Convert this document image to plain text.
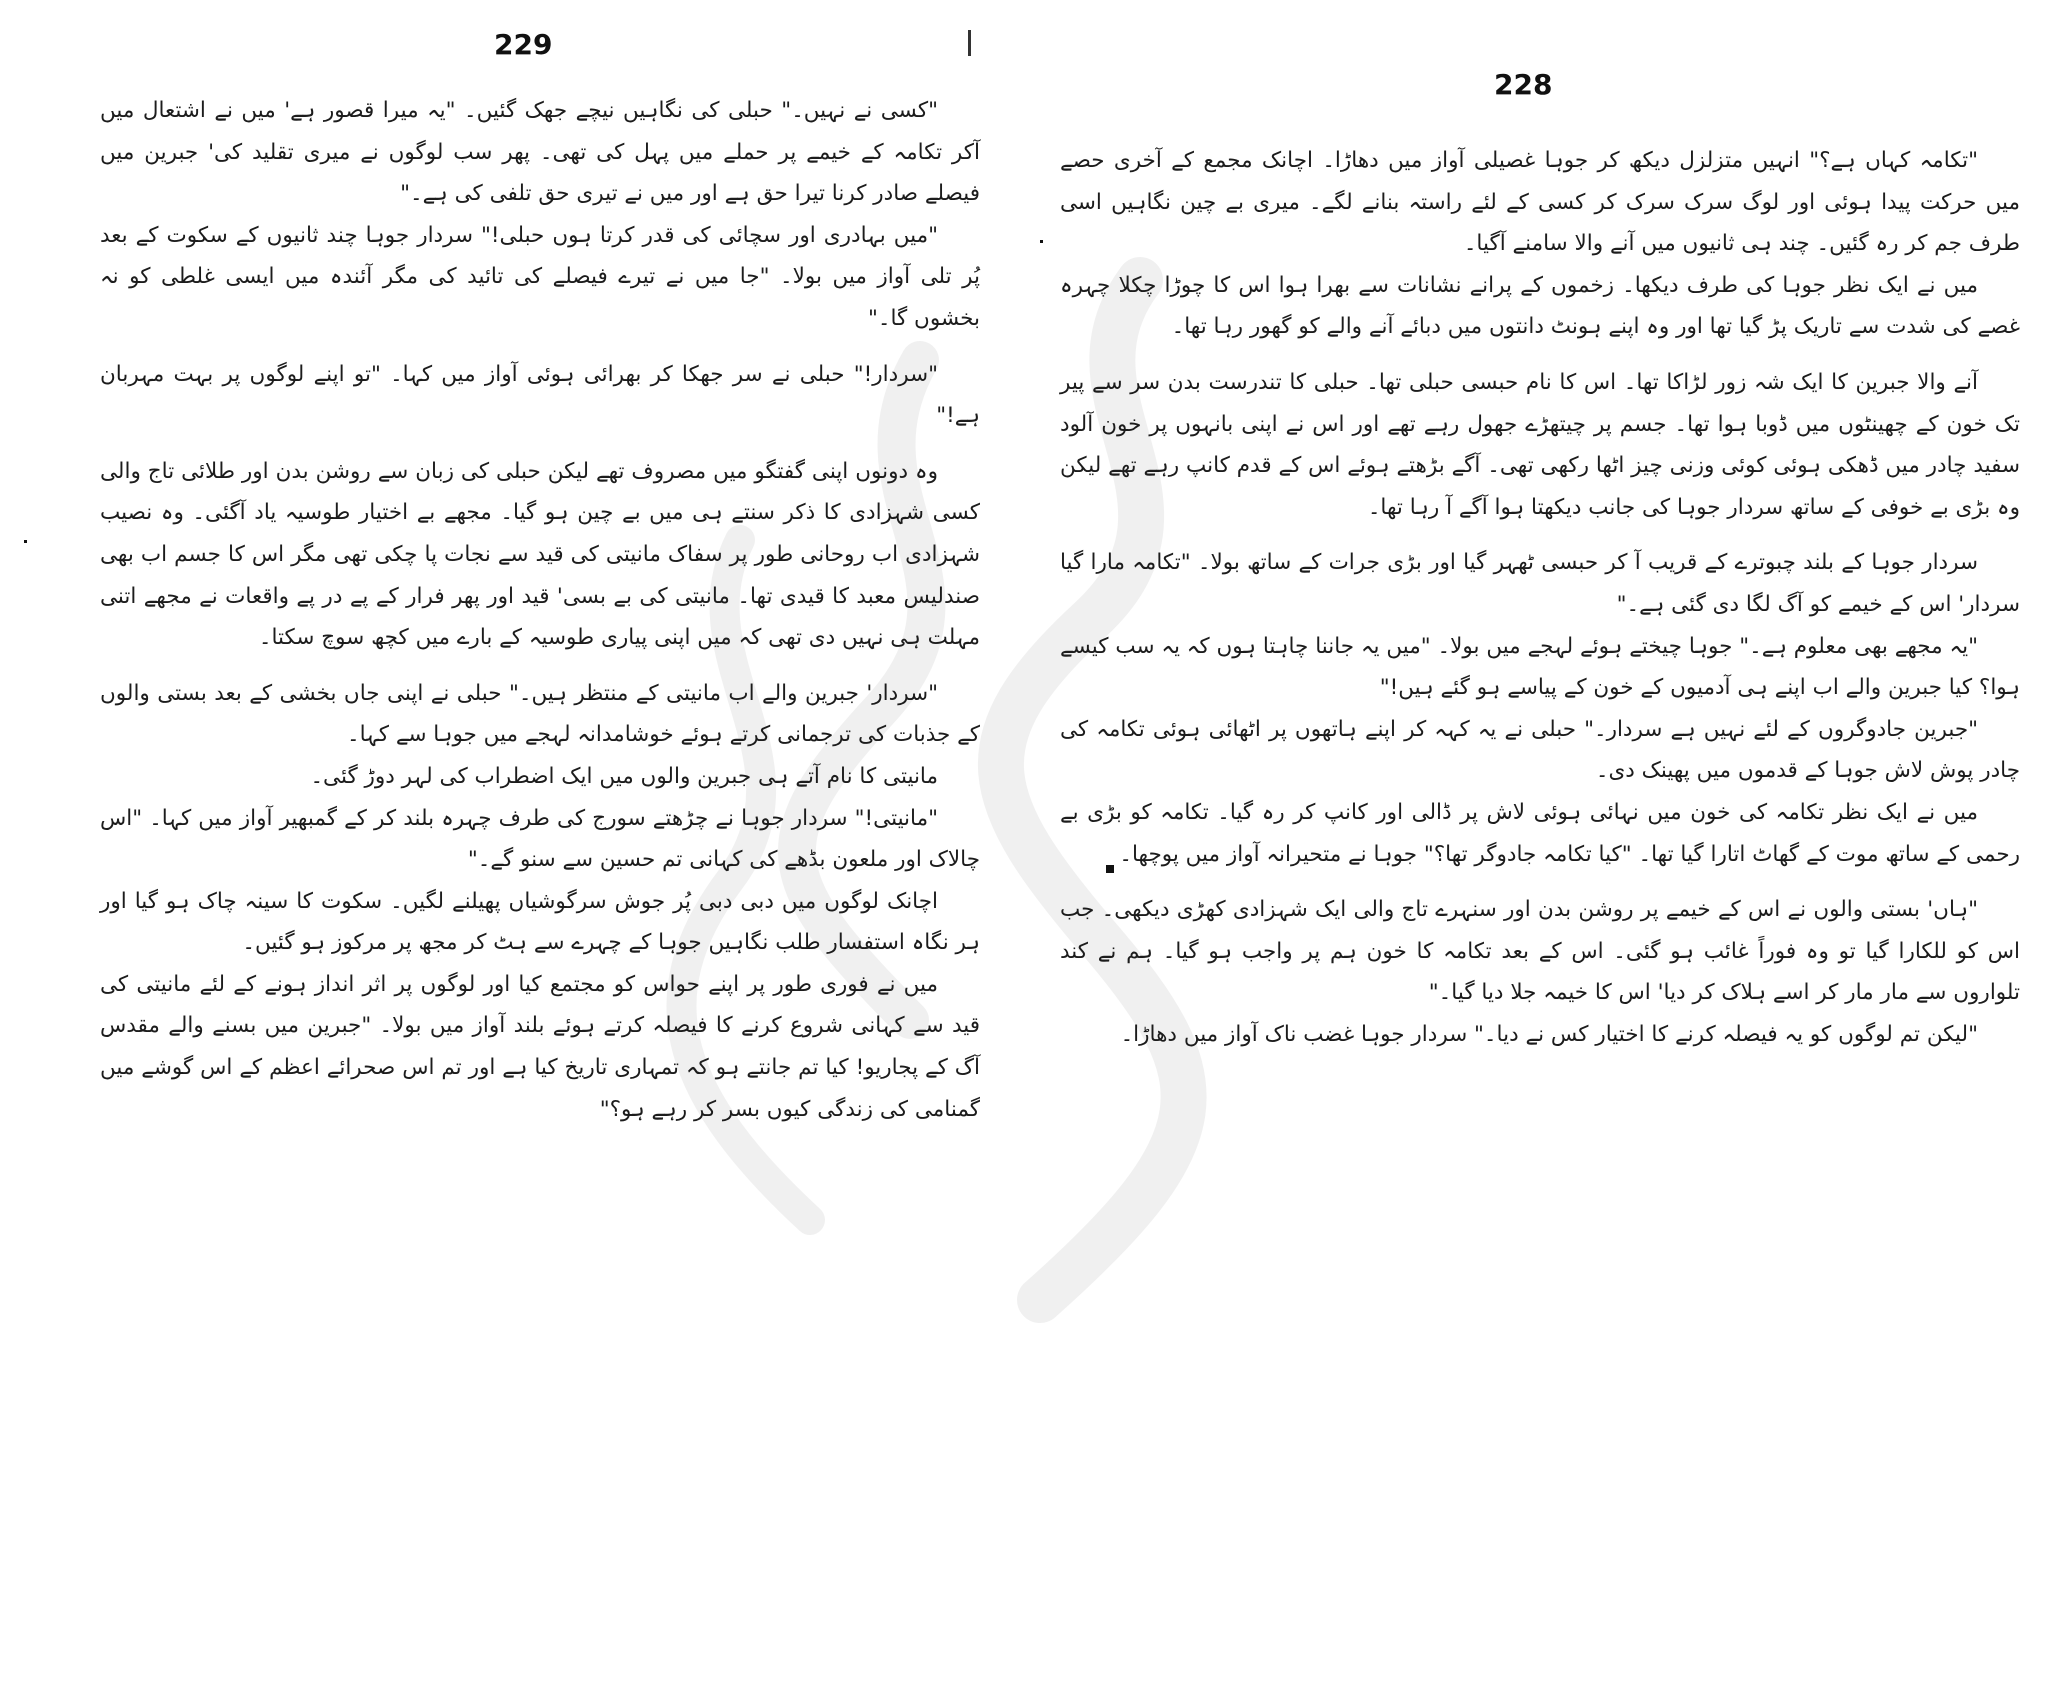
229

"کسی نے نہیں۔" حبلی کی نگاہیں نیچے جھک گئیں۔ "یہ میرا قصور ہے' میں نے اشتعال میں آکر تکامہ کے خیمے پر حملے میں پہل کی تھی۔ پھر سب لوگوں نے میری تقلید کی' جبرین میں فیصلے صادر کرنا تیرا حق ہے اور میں نے تیری حق تلفی کی ہے۔"

"میں بہادری اور سچائی کی قدر کرتا ہوں حبلی!" سردار جوہا چند ثانیوں کے سکوت کے بعد پُر تلی آواز میں بولا۔ "جا میں نے تیرے فیصلے کی تائید کی مگر آئندہ میں ایسی غلطی کو نہ بخشوں گا۔"

"سردار!" حبلی نے سر جھکا کر بھرائی ہوئی آواز میں کہا۔ "تو اپنے لوگوں پر بہت مہربان ہے!"

وہ دونوں اپنی گفتگو میں مصروف تھے لیکن حبلی کی زبان سے روشن بدن اور طلائی تاج والی کسی شہزادی کا ذکر سنتے ہی میں بے چین ہو گیا۔ مجھے بے اختیار طوسیہ یاد آگئی۔ وہ نصیب شہزادی اب روحانی طور پر سفاک مانیتی کی قید سے نجات پا چکی تھی مگر اس کا جسم اب بھی صندلیس معبد کا قیدی تھا۔ مانیتی کی بے بسی' قید اور پھر فرار کے پے در پے واقعات نے مجھے اتنی مہلت ہی نہیں دی تھی کہ میں اپنی پیاری طوسیہ کے بارے میں کچھ سوچ سکتا۔

"سردار' جبرین والے اب مانیتی کے منتظر ہیں۔" حبلی نے اپنی جاں بخشی کے بعد بستی والوں کے جذبات کی ترجمانی کرتے ہوئے خوشامدانہ لہجے میں جوہا سے کہا۔

مانیتی کا نام آتے ہی جبرین والوں میں ایک اضطراب کی لہر دوڑ گئی۔

"مانیتی!" سردار جوہا نے چڑھتے سورج کی طرف چہرہ بلند کر کے گمبھیر آواز میں کہا۔ "اس چالاک اور ملعون بڈھے کی کہانی تم حسین سے سنو گے۔"

اچانک لوگوں میں دبی دبی پُر جوش سرگوشیاں پھیلنے لگیں۔ سکوت کا سینہ چاک ہو گیا اور ہر نگاہ استفسار طلب نگاہیں جوہا کے چہرے سے ہٹ کر مجھ پر مرکوز ہو گئیں۔

میں نے فوری طور پر اپنے حواس کو مجتمع کیا اور لوگوں پر اثر انداز ہونے کے لئے مانیتی کی قید سے کہانی شروع کرنے کا فیصلہ کرتے ہوئے بلند آواز میں بولا۔ "جبرین میں بسنے والے مقدس آگ کے پجاریو! کیا تم جانتے ہو کہ تمہاری تاریخ کیا ہے اور تم اس صحرائے اعظم کے اس گوشے میں گمنامی کی زندگی کیوں بسر کر رہے ہو؟"

228

"تکامہ کہاں ہے؟" انہیں متزلزل دیکھ کر جوہا غصیلی آواز میں دھاڑا۔ اچانک مجمع کے آخری حصے میں حرکت پیدا ہوئی اور لوگ سرک سرک کر کسی کے لئے راستہ بنانے لگے۔ میری بے چین نگاہیں اسی طرف جم کر رہ گئیں۔ چند ہی ثانیوں میں آنے والا سامنے آگیا۔

میں نے ایک نظر جوہا کی طرف دیکھا۔ زخموں کے پرانے نشانات سے بھرا ہوا اس کا چوڑا چکلا چہرہ غصے کی شدت سے تاریک پڑ گیا تھا اور وہ اپنے ہونٹ دانتوں میں دبائے آنے والے کو گھور رہا تھا۔

آنے والا جبرین کا ایک شہ زور لڑاکا تھا۔ اس کا نام حبسی حبلی تھا۔ حبلی کا تندرست بدن سر سے پیر تک خون کے چھینٹوں میں ڈوبا ہوا تھا۔ جسم پر چیتھڑے جھول رہے تھے اور اس نے اپنی بانہوں پر خون آلود سفید چادر میں ڈھکی ہوئی کوئی وزنی چیز اٹھا رکھی تھی۔ آگے بڑھتے ہوئے اس کے قدم کانپ رہے تھے لیکن وہ بڑی بے خوفی کے ساتھ سردار جوہا کی جانب دیکھتا ہوا آگے آ رہا تھا۔

سردار جوہا کے بلند چبوترے کے قریب آ کر حبسی ٹھہر گیا اور بڑی جرات کے ساتھ بولا۔ "تکامہ مارا گیا سردار' اس کے خیمے کو آگ لگا دی گئی ہے۔"

"یہ مجھے بھی معلوم ہے۔" جوہا چیختے ہوئے لہجے میں بولا۔ "میں یہ جاننا چاہتا ہوں کہ یہ سب کیسے ہوا؟ کیا جبرین والے اب اپنے ہی آدمیوں کے خون کے پیاسے ہو گئے ہیں!"

"جبرین جادوگروں کے لئے نہیں ہے سردار۔" حبلی نے یہ کہہ کر اپنے ہاتھوں پر اٹھائی ہوئی تکامہ کی چادر پوش لاش جوہا کے قدموں میں پھینک دی۔

میں نے ایک نظر تکامہ کی خون میں نہائی ہوئی لاش پر ڈالی اور کانپ کر رہ گیا۔ تکامہ کو بڑی بے رحمی کے ساتھ موت کے گھاٹ اتارا گیا تھا۔ "کیا تکامہ جادوگر تھا؟" جوہا نے متحیرانہ آواز میں پوچھا۔

"ہاں' بستی والوں نے اس کے خیمے پر روشن بدن اور سنہرے تاج والی ایک شہزادی کھڑی دیکھی۔ جب اس کو للکارا گیا تو وہ فوراً غائب ہو گئی۔ اس کے بعد تکامہ کا خون ہم پر واجب ہو گیا۔ ہم نے کند تلواروں سے مار مار کر اسے ہلاک کر دیا' اس کا خیمہ جلا دیا گیا۔"

"لیکن تم لوگوں کو یہ فیصلہ کرنے کا اختیار کس نے دیا۔" سردار جوہا غضب ناک آواز میں دھاڑا۔
